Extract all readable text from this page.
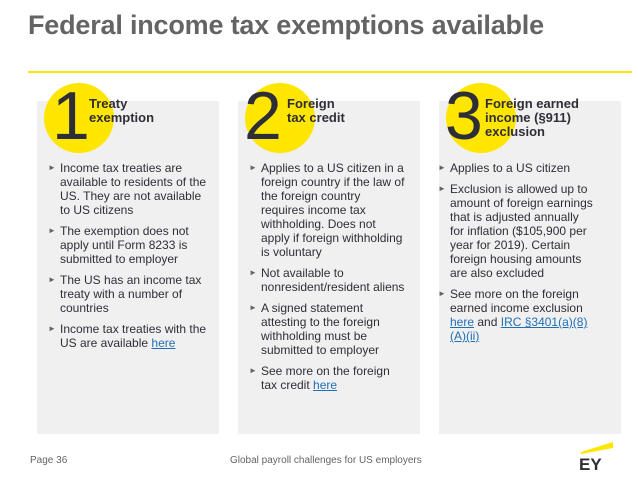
Federal income tax exemptions available
1 Treaty
exemption
► Income tax treaties are available to residents of the US. They are not available to US citizens
► The exemption does not apply until Form 8233 is submitted to employer
► The US has an income tax treaty with a number of countries
► Income tax treaties with the US are available here
2 Foreign
tax credit
► Applies to a US citizen in a foreign country if the law of the foreign country requires income tax withholding. Does not apply if foreign withholding is voluntary
► Not available to nonresident/resident aliens
► A signed statement attesting to the foreign withholding must be submitted to employer
► See more on the foreign tax credit here
3 Foreign earned
income (§911)
exclusion
► Applies to a US citizen
► Exclusion is allowed up to amount of foreign earnings that is adjusted annually for inflation ($105,900 per year for 2019). Certain foreign housing amounts are also excluded
► See more on the foreign earned income exclusion here and IRC §3401(a)(8)(A)(ii)
Page 36	Global payroll challenges for US employers	EY
